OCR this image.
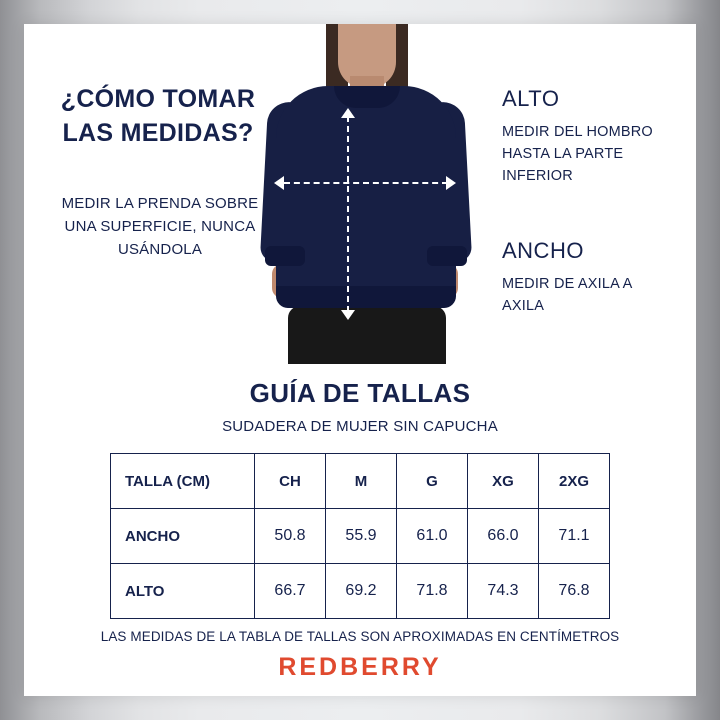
¿CÓMO TOMAR LAS MEDIDAS?
MEDIR LA PRENDA SOBRE UNA SUPERFICIE, NUNCA USÁNDOLA
ALTO
MEDIR DEL HOMBRO HASTA LA PARTE INFERIOR
ANCHO
MEDIR DE AXILA A AXILA
GUÍA DE TALLAS
SUDADERA DE MUJER SIN CAPUCHA
TALLA (CM)	CH	M	G	XG	2XG
ANCHO	50.8	55.9	61.0	66.0	71.1
ALTO	66.7	69.2	71.8	74.3	76.8
LAS MEDIDAS DE LA TABLA DE TALLAS SON APROXIMADAS EN CENTÍMETROS
REDBERRY
